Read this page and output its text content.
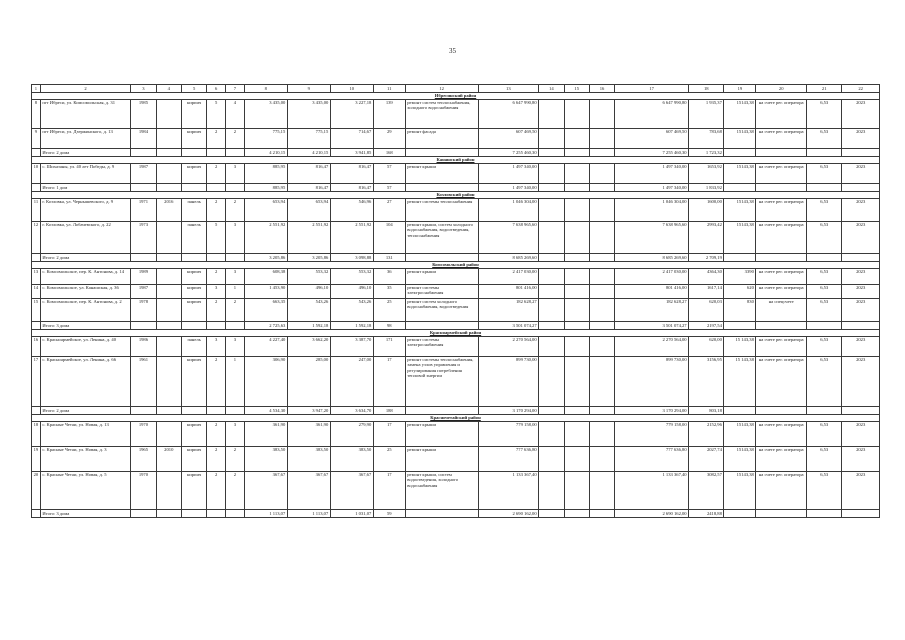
35
1	2	3	4	5	6	7	8	9	10	11	12	13	14	15	16	17	18	19	20	21	22
Ибресинский район																					
8	пгт Ибреси, ул. Комсомольская, д. 31	1985		кирпич	5	4	3 435,00	3 435,00	3 227,18	139	ремонт систем теплоснабжения, холодного водоснабжения	6 647 990,80				6 647 990,80	1 935,37	15143,38	на счете рег. оператора	6,53	2023
9	пгт Ибреси, ул. Дзержинского, д. 13	1984		кирпич	2	2	775,15	775,15	714,67	29	ремонт фасада	607 469,50				607 469,50	783,68	15143,38	на счете рег. оператора	6,53	2023
	Итого: 2 дома						4 210,15	4 210,15	3 941,85	168		7 255 460,30				7 255 460,30	1 723,32				
Канашский район																					
10	с. Шихазаны, ул. 40 лет Победы, д. 9	1987		кирпич	2	3	885,95	816,47	816,47	57	ремонт крыши	1 497 340,00				1 497 340,00	1653,92	15143,38	на счете рег. оператора	6,53	2023
	Итого: 1 дом						885,95	816,47	816,47	57		1 497 340,00				1 497 340,00	1 833,92				
Козловский район																					
11	г. Козловка, ул. Чернышевского, д. 9	1971	2016	панель	2	2	653,94	653,94	546,96	27	ремонт системы теплоснабжения	1 046 304,00				1 046 304,00	1600,00	15143,38	на счете рег. оператора	6,53	2023
12	г. Козловка, ул. Лобачевского, д. 22	1973		панель	5	3	2 551,92	2 551,92	2 551,92	104	ремонт крыши, систем холодного водоснабжения, водоотведения, теплоснабжения	7 638 965,60				7 638 965,60	2993,42	15143,38	на счете рег. оператора	6,53	2023
	Итого: 2 дома						3 205,86	3 205,86	3 098,88	131		8 685 269,60				8 685 269,60	2 709,19				
Комсомольский район																					
13	с. Комсомольское, пер. К. Антонова, д. 14	1989		кирпич	2	3	608,38	553,32	553,32	36	ремонт крыши	2 417 030,00				2 417 030,00	4364,30	3390	на счете рег. оператора	6,53	2023
14	с. Комсомольское, ул. Канашская, д. 36	1987		кирпич	3	1	1 453,90	496,10	496,10	35	ремонт системы электроснабжения	801 416,00				801 416,00	1617,14	620	на счете рег. оператора	6,53	2023
15	с. Комсомольское, пер. К. Антонова, д. 2	1978		кирпич	2	2	663,35	543,26	543,26	25	ремонт систем холодного водоснабжения, водоотведения	182 628,27				182 628,27	620,03	830	на спецсчете	6,53	2023
	Итого: 3 дома						2 725,63	1 592,18	1 592,18	98		3 501 074,27				3 501 074,27	2197,54				
Красноармейский район																					
16	с. Красноармейское, ул. Ленина, д. 40	1986		панель	3	3	4 227,40	3 662,20	3 387,70	171	ремонт системы электроснабжения	2 270 564,00				2 270 564,00	620,00	15 143,38	на счете рег. оператора	6,53	2023
17	с. Красноармейское, ул. Ленина, д. 66	1961		кирпич	2	1	306,90	285,00	247,00	17	ремонт системы теплоснабжения, замена узлов управления и регулирования потребления тепловой энергии	899 730,00				899 730,00	3156,95	15 143,38	на счете рег. оператора	6,53	2023
	Итого: 2 дома						4 534,30	3 947,20	3 634,70	188		3 170 294,00				3 170 294,00	803,18				
Красночетайский район																					
18	с. Красные Четаи, ул. Новая, д. 13	1970		кирпич	2	3	361,90	361,90	279,90	17	ремонт крыши	779 158,00				779 158,00	2152,96	15143,38	на счете рег. оператора	6,53	2023
19	с. Красные Четаи, ул. Новая, д. 3	1965	2010	кирпич	2	2	383,50	383,50	383,50	25	ремонт крыши	777 636,80				777 636,80	2027,74	15143,38	на счете рег. оператора	6,53	2023
20	с. Красные Четаи, ул. Новая, д. 5	1970		кирпич	2	2	367,67	367,67	367,67	17	ремонт крыши, систем водоотведения, холодного водоснабжения	1 133 367,40				1 133 367,40	3082,57	15143,38	на счете рег. оператора	6,53	2023
	Итого: 3 дома						1 113,07	1 113,07	1 031,07	59		2 690 162,00				2 690 162,00	2418,88				
